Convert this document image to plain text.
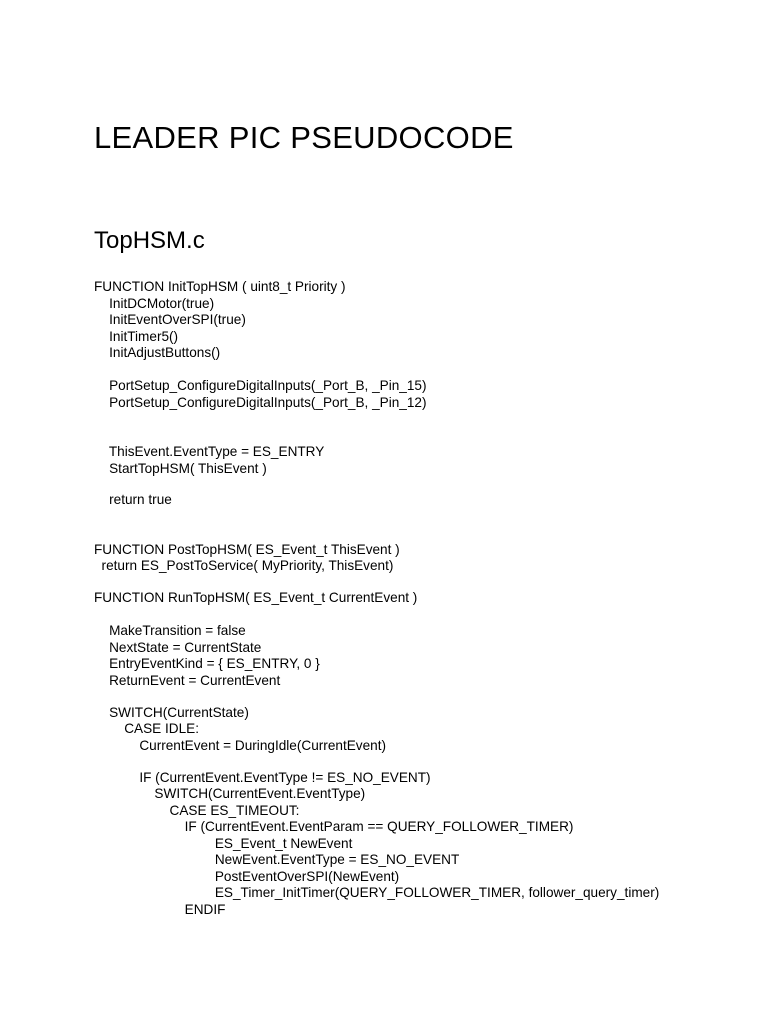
LEADER PIC PSEUDOCODE
TopHSM.c
FUNCTION InitTopHSM ( uint8_t Priority )
InitDCMotor(true)
InitEventOverSPI(true)
InitTimer5()
InitAdjustButtons()
PortSetup_ConfigureDigitalInputs(_Port_B, _Pin_15)
PortSetup_ConfigureDigitalInputs(_Port_B, _Pin_12)
ThisEvent.EventType = ES_ENTRY
StartTopHSM( ThisEvent )
return true
FUNCTION PostTopHSM( ES_Event_t ThisEvent )
return ES_PostToService( MyPriority, ThisEvent)
FUNCTION RunTopHSM( ES_Event_t CurrentEvent )
MakeTransition = false
NextState = CurrentState
EntryEventKind = { ES_ENTRY, 0 }
ReturnEvent = CurrentEvent
SWITCH(CurrentState)
CASE IDLE:
CurrentEvent = DuringIdle(CurrentEvent)
IF (CurrentEvent.EventType != ES_NO_EVENT)
SWITCH(CurrentEvent.EventType)
CASE ES_TIMEOUT:
IF (CurrentEvent.EventParam == QUERY_FOLLOWER_TIMER)
ES_Event_t NewEvent
NewEvent.EventType = ES_NO_EVENT
PostEventOverSPI(NewEvent)
ES_Timer_InitTimer(QUERY_FOLLOWER_TIMER, follower_query_timer)
ENDIF
